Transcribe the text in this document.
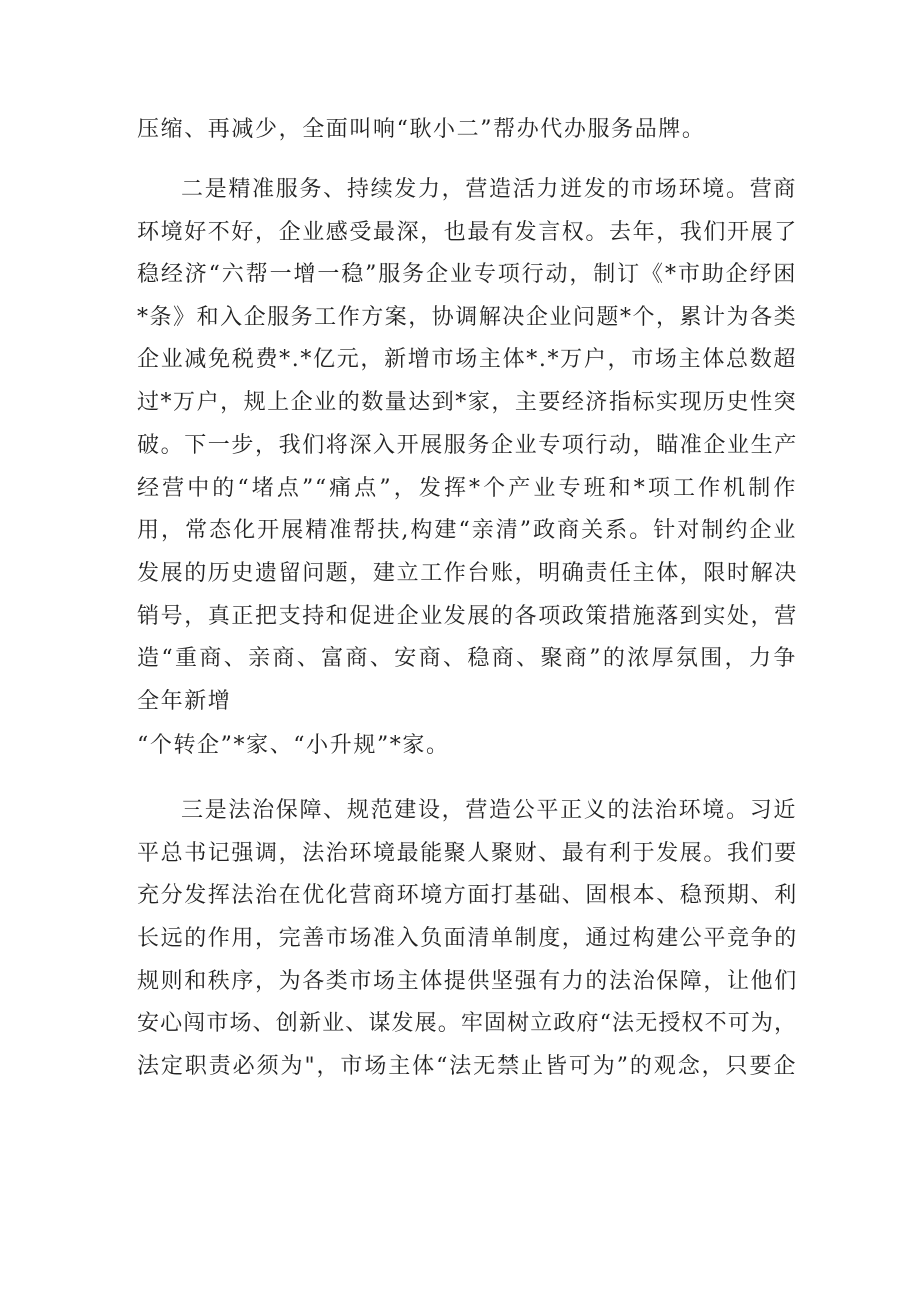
压缩、再减少，全面叫响“耿小二”帮办代办服务品牌。
二是精准服务、持续发力，营造活力迸发的市场环境。营商
环境好不好，企业感受最深，也最有发言权。去年，我们开展了
稳经济“六帮一增一稳”服务企业专项行动，制订《*市助企纾困
*条》和入企服务工作方案，协调解决企业问题*个，累计为各类
企业减免税费*.*亿元，新增市场主体*.*万户，市场主体总数超
过*万户，规上企业的数量达到*家，主要经济指标实现历史性突
破。下一步，我们将深入开展服务企业专项行动，瞄准企业生产
经营中的“堵点”“痛点”，发挥*个产业专班和*项工作机制作
用，常态化开展精准帮扶,构建“亲清”政商关系。针对制约企业
发展的历史遗留问题，建立工作台账，明确责任主体，限时解决
销号，真正把支持和促进企业发展的各项政策措施落到实处，营
造“重商、亲商、富商、安商、稳商、聚商”的浓厚氛围，力争
全年新增
“个转企”*家、“小升规”*家。
三是法治保障、规范建设，营造公平正义的法治环境。习近
平总书记强调，法治环境最能聚人聚财、最有利于发展。我们要
充分发挥法治在优化营商环境方面打基础、固根本、稳预期、利
长远的作用，完善市场准入负面清单制度，通过构建公平竞争的
规则和秩序，为各类市场主体提供坚强有力的法治保障，让他们
安心闯市场、创新业、谋发展。牢固树立政府“法无授权不可为，
法定职责必须为"，市场主体“法无禁止皆可为”的观念，只要企
